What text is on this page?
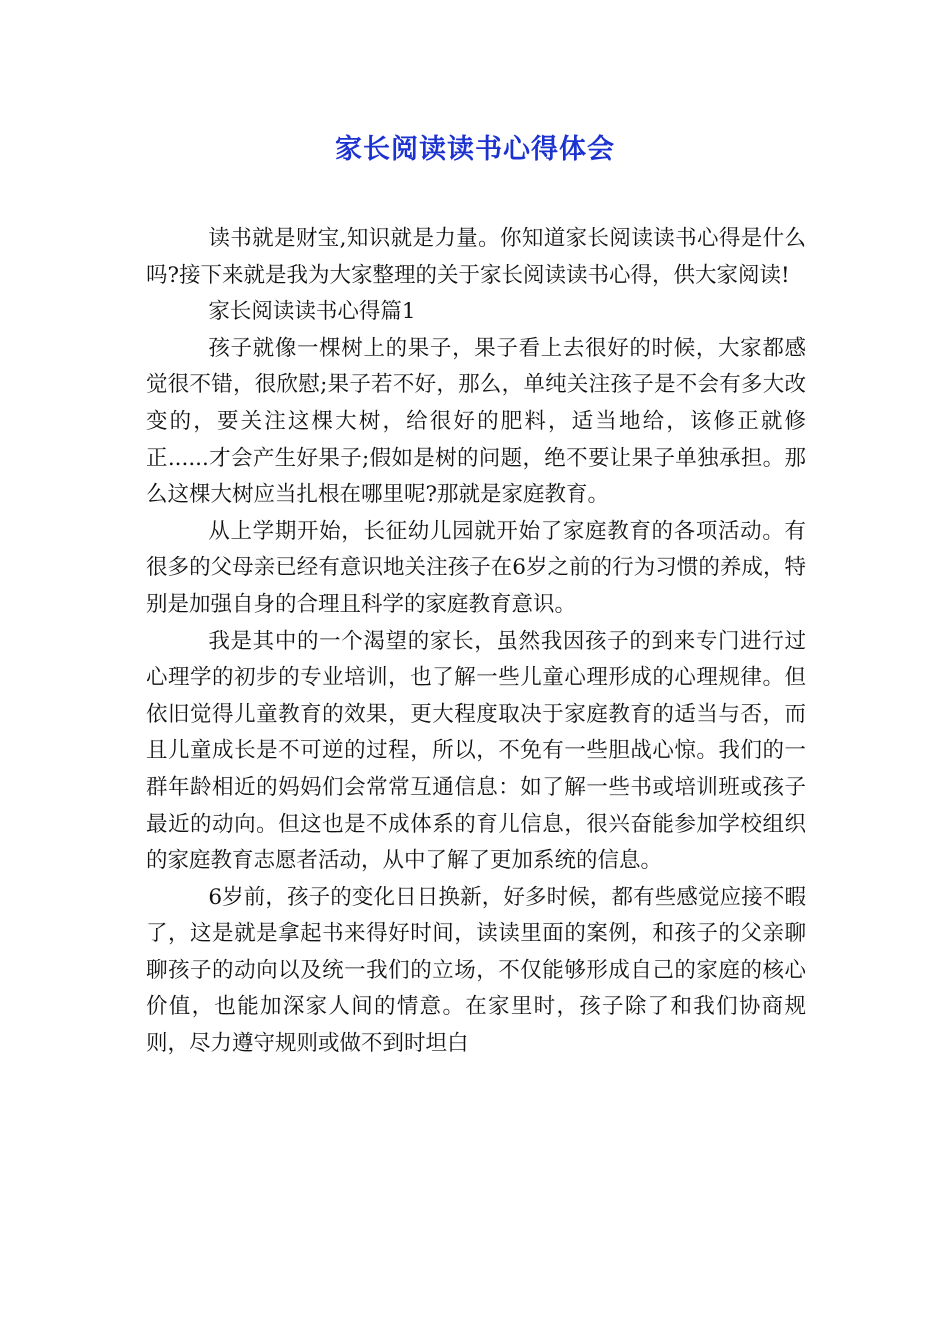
家长阅读读书心得体会

读书就是财宝,知识就是力量。你知道家长阅读读书心得是什么吗?接下来就是我为大家整理的关于家长阅读读书心得，供大家阅读!

家长阅读读书心得篇1

孩子就像一棵树上的果子，果子看上去很好的时候，大家都感觉很不错，很欣慰;果子若不好，那么，单纯关注孩子是不会有多大改变的，要关注这棵大树，给很好的肥料，适当地给，该修正就修正......才会产生好果子;假如是树的问题，绝不要让果子单独承担。那么这棵大树应当扎根在哪里呢?那就是家庭教育。

从上学期开始，长征幼儿园就开始了家庭教育的各项活动。有很多的父母亲已经有意识地关注孩子在6岁之前的行为习惯的养成，特别是加强自身的合理且科学的家庭教育意识。

我是其中的一个渴望的家长，虽然我因孩子的到来专门进行过心理学的初步的专业培训，也了解一些儿童心理形成的心理规律。但依旧觉得儿童教育的效果，更大程度取决于家庭教育的适当与否，而且儿童成长是不可逆的过程，所以，不免有一些胆战心惊。我们的一群年龄相近的妈妈们会常常互通信息：如了解一些书或培训班或孩子最近的动向。但这也是不成体系的育儿信息，很兴奋能参加学校组织的家庭教育志愿者活动，从中了解了更加系统的信息。

6岁前，孩子的变化日日换新，好多时候，都有些感觉应接不暇了，这是就是拿起书来得好时间，读读里面的案例，和孩子的父亲聊聊孩子的动向以及统一我们的立场，不仅能够形成自己的家庭的核心价值，也能加深家人间的情意。在家里时，孩子除了和我们协商规则，尽力遵守规则或做不到时坦白
